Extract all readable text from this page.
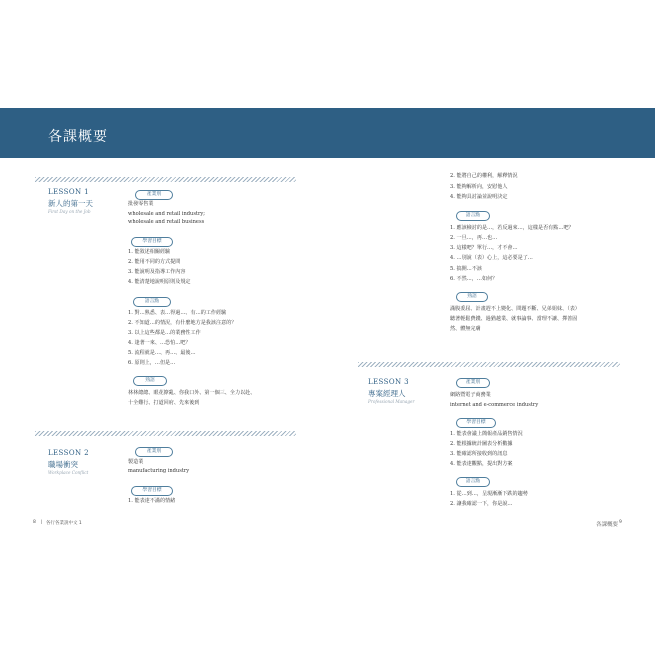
各課概要
LESSON 1
新人的第一天
First Day on the Job
產業別
批發零售業
wholesale and retail industry;
wholesale and retail business
學習目標
1. 能敘述相關經驗
2. 能用不同的方式提問
3. 能說明及指導工作內容
4. 能清楚地說明原則及規定
語言點
1. 對…熟悉、表…得過…、有…的工作經驗
2. 不知道…的情況，有什麼地方是我該注意的？
3. 以上這些都是…的業務性工作
4. 逢著一來、…恐怕…吧？
5. 流程就是…、再…、最後…
6. 原則上，…但是…
熟語
林林總總、眼花撩亂、你我口外、第一個三、全力以赴、
十全難行、打道回府、先來後到
LESSON 2
職場衝突
Workplace Conflict
產業別
製造業
manufacturing industry
學習目標
1. 能表達不滿的情緒
2. 能將自己的權利，解釋情況
3. 能夠解析向，安慰他人
4. 能夠具討論並說明決定
語言點
1. 應該檢討的是…，若反過來…，這樣是否有點…吧？
2. 一旦…，再…也…
3. 這樣吧？單行…，才不會…
4. …別說（表）心上，這必要是了…
5. 搞開…不該
6. 不然…，…如何？
熟語
滿腹委屈、計畫趕不上變化、問題不斷、兄弟姐妹、（表）
聽著輕鬆費錢、過猶越業、就事論事、當理不讓、擇善固
然、體無完膚
LESSON 3
專案經理人
Professional Manager
產業別
網路暨電子商務業
internet and e-commerce industry
學習目標
1. 能表會議上簡報產品銷售情況
2. 能根據統計圖表分析數據
3. 能確認所接收到的訊息
4. 能表達觀點，提出對方案
語言點
1. 從…到…，呈現漸漸下跌的趨勢
2. 讓我確認一下，你是說…
8 | 各行各業說中文 1	各課概要 9
